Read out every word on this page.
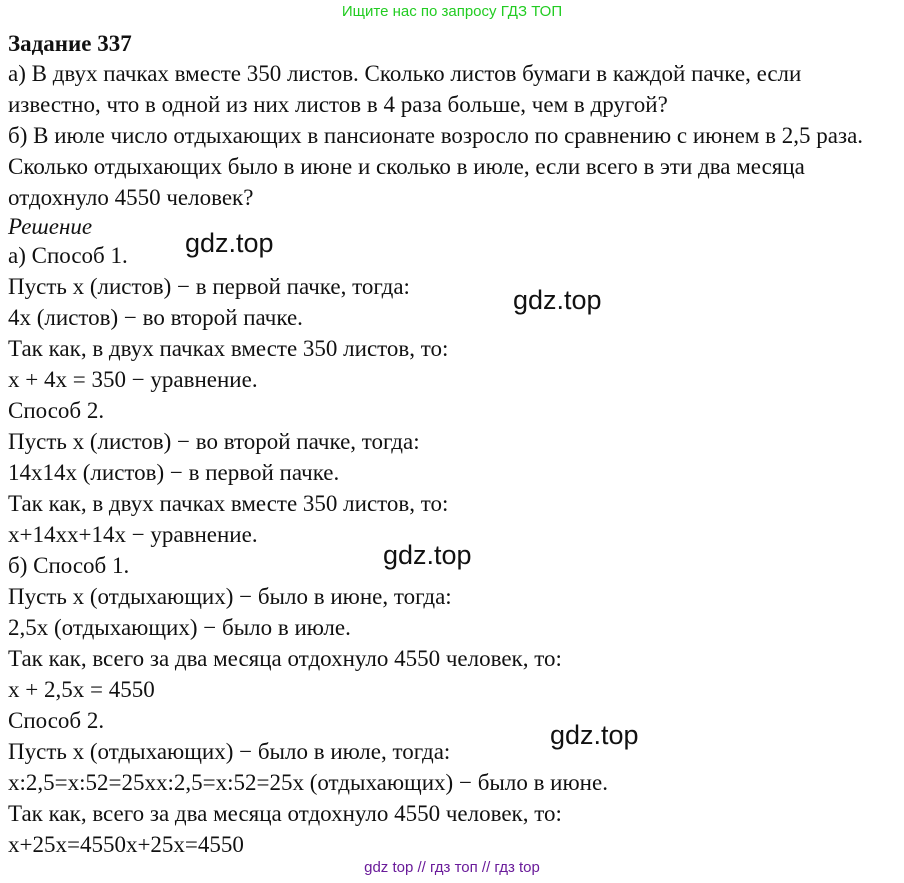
Ищите нас по запросу ГДЗ ТОП
Задание 337
а) В двух пачках вместе 350 листов. Сколько листов бумаги в каждой пачке, если известно, что в одной из них листов в 4 раза больше, чем в другой?
б) В июле число отдыхающих в пансионате возросло по сравнению с июнем в 2,5 раза. Сколько отдыхающих было в июне и сколько в июле, если всего в эти два месяца отдохнуло 4550 человек?
Решение
а) Способ 1.
Пусть x (листов) − в первой пачке, тогда:
4x (листов) − во второй пачке.
Так как, в двух пачках вместе 350 листов, то:
x + 4x = 350 − уравнение.
Способ 2.
Пусть x (листов) − во второй пачке, тогда:
14x14x (листов) − в первой пачке.
Так как, в двух пачках вместе 350 листов, то:
x+14xx+14x − уравнение.
б) Способ 1.
Пусть x (отдыхающих) − было в июне, тогда:
2,5x (отдыхающих) − было в июле.
Так как, всего за два месяца отдохнуло 4550 человек, то:
x + 2,5x = 4550
Способ 2.
Пусть x (отдыхающих) − было в июле, тогда:
x:2,5=x:52=25xx:2,5=x:52=25x (отдыхающих) − было в июне.
Так как, всего за два месяца отдохнуло 4550 человек, то:
x+25x=4550x+25x=4550
gdz.top
gdz.top
gdz.top
gdz.top
gdz top // гдз топ // гдз top
